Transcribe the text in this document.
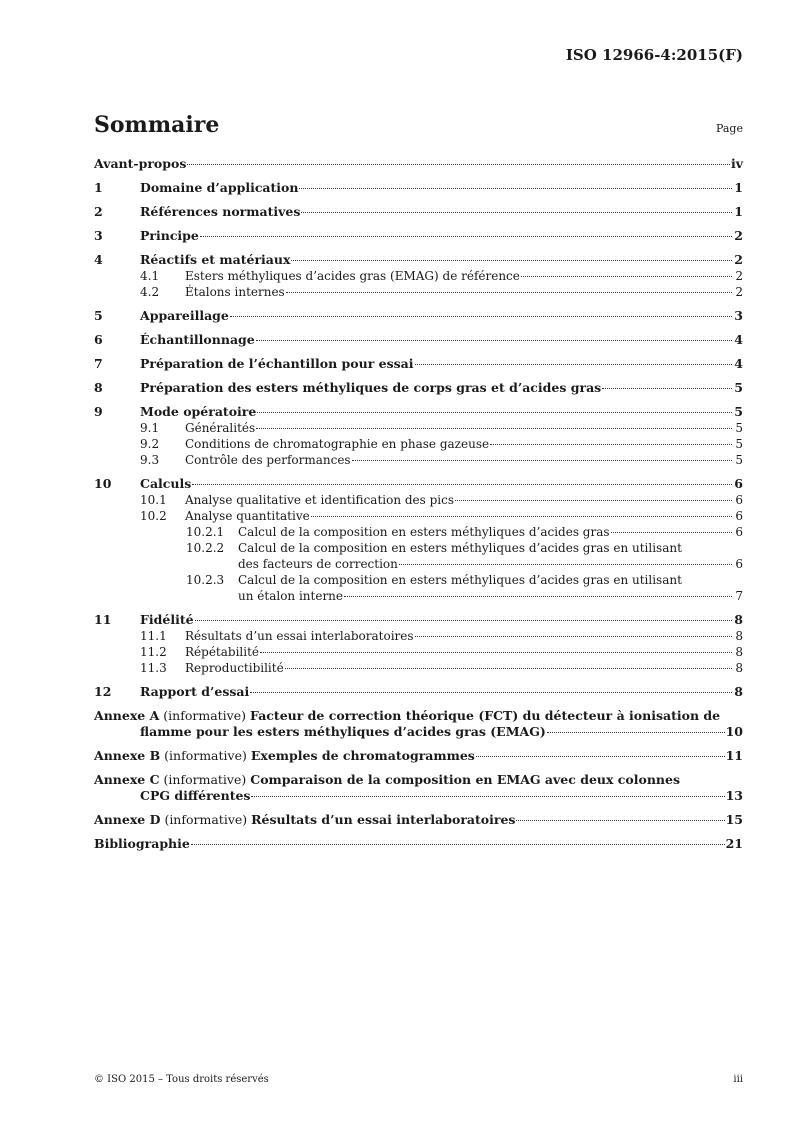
ISO 12966-4:2015(F)
Sommaire	Page
Avant-propos	iv
1	Domaine d’application	1
2	Références normatives	1
3	Principe	2
4	Réactifs et matériaux	2
4.1	Esters méthyliques d’acides gras (EMAG) de référence	2
4.2	Étalons internes	2
5	Appareillage	3
6	Échantillonnage	4
7	Préparation de l’échantillon pour essai	4
8	Préparation des esters méthyliques de corps gras et d’acides gras	5
9	Mode opératoire	5
9.1	Généralités	5
9.2	Conditions de chromatographie en phase gazeuse	5
9.3	Contrôle des performances	5
10	Calculs	6
10.1	Analyse qualitative et identification des pics	6
10.2	Analyse quantitative	6
10.2.1	Calcul de la composition en esters méthyliques d’acides gras	6
10.2.2	Calcul de la composition en esters méthyliques d’acides gras en utilisant
des facteurs de correction	6
10.2.3	Calcul de la composition en esters méthyliques d’acides gras en utilisant
un étalon interne	7
11	Fidélité	8
11.1	Résultats d’un essai interlaboratoires	8
11.2	Répétabilité	8
11.3	Reproductibilité	8
12	Rapport d’essai	8
Annexe A (informative) Facteur de correction théorique (FCT) du détecteur à ionisation de
flamme pour les esters méthyliques d’acides gras (EMAG)	10
Annexe B (informative) Exemples de chromatogrammes	11
Annexe C (informative) Comparaison de la composition en EMAG avec deux colonnes
CPG différentes	13
Annexe D (informative) Résultats d’un essai interlaboratoires	15
Bibliographie	21
© ISO 2015 – Tous droits réservés	iii
